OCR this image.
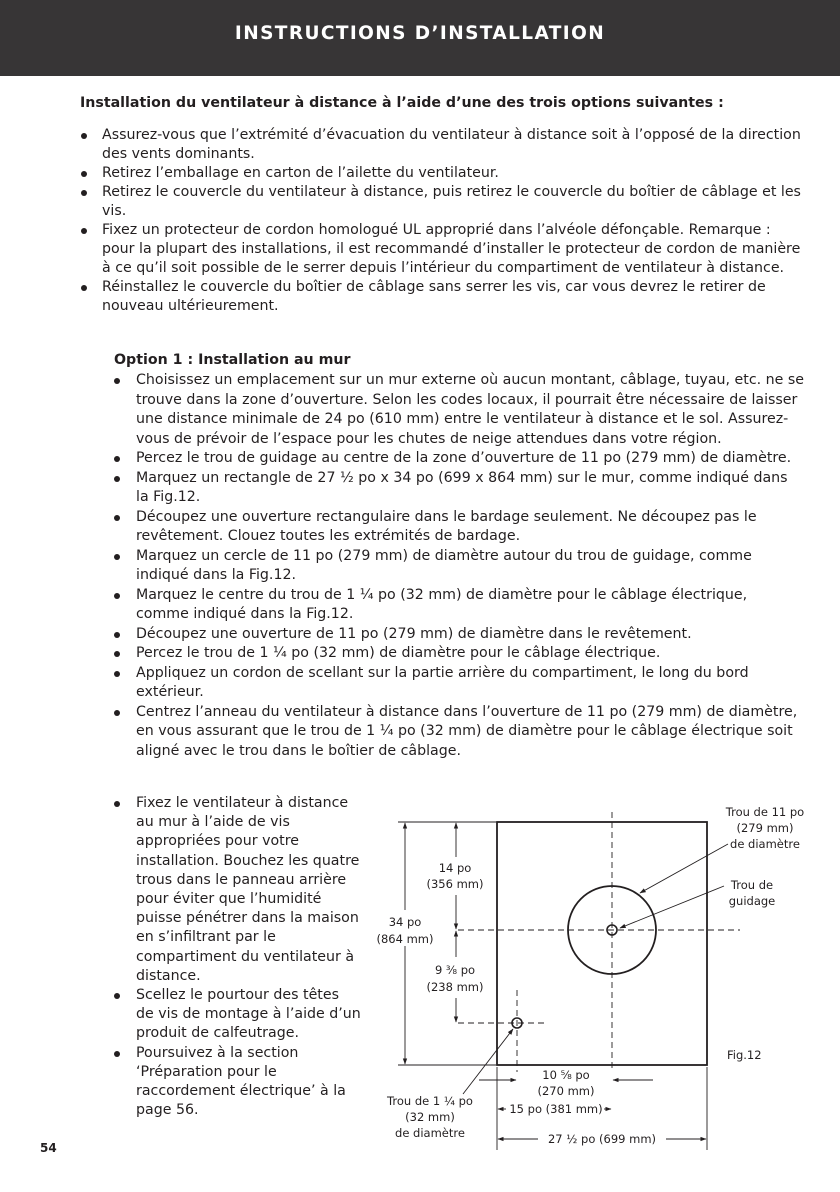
INSTRUCTIONS D’INSTALLATION
Installation du ventilateur à distance à l’aide d’une des trois options suivantes :
Assurez-vous que l’extrémité d’évacuation du ventilateur à distance soit à l’opposé de la direction des vents dominants.
Retirez l’emballage en carton de l’ailette du ventilateur.
Retirez le couvercle du ventilateur à distance, puis retirez le couvercle du boîtier de câblage et les vis.
Fixez un protecteur de cordon homologué UL approprié dans l’alvéole défonçable. Remarque : pour la plupart des installations, il est recommandé d’installer le protecteur de cordon de manière à ce qu’il soit possible de le serrer depuis l’intérieur du compartiment de ventilateur à distance.
Réinstallez le couvercle du boîtier de câblage sans serrer les vis, car vous devrez le retirer de nouveau ultérieurement.
Option 1 : Installation au mur
Choisissez un emplacement sur un mur externe où aucun montant, câblage, tuyau, etc. ne se trouve dans la zone d’ouverture. Selon les codes locaux, il pourrait être nécessaire de laisser une distance minimale de 24 po (610 mm) entre le ventilateur à distance et le sol. Assurez-vous de prévoir de l’espace pour les chutes de neige attendues dans votre région.
Percez le trou de guidage au centre de la zone d’ouverture de 11 po (279 mm) de diamètre.
Marquez un rectangle de 27 ½ po x 34 po (699 x 864 mm) sur le mur, comme indiqué dans la Fig.12.
Découpez une ouverture rectangulaire dans le bardage seulement. Ne découpez pas le revêtement. Clouez toutes les extrémités de bardage.
Marquez un cercle de 11 po (279 mm) de diamètre autour du trou de guidage, comme indiqué dans la Fig.12.
Marquez le centre du trou de 1 ¼ po (32 mm) de diamètre pour le câblage électrique, comme indiqué dans la Fig.12.
Découpez une ouverture de 11 po (279 mm) de diamètre dans le revêtement.
Percez le trou de 1 ¼ po (32 mm) de diamètre pour le câblage électrique.
Appliquez un cordon de scellant sur la partie arrière du compartiment, le long du bord extérieur.
Centrez l’anneau du ventilateur à distance dans l’ouverture de 11 po (279 mm) de diamètre, en vous assurant que le trou de 1 ¼ po (32 mm) de diamètre pour le câblage électrique soit aligné avec le trou dans le boîtier de câblage.
Fixez le ventilateur à distance au mur à l’aide de vis appropriées pour votre installation. Bouchez les quatre trous dans le panneau arrière pour éviter que l’humidité puisse pénétrer dans la maison en s’infiltrant par le compartiment du ventilateur à distance.
Scellez le pourtour des têtes de vis de montage à l’aide d’un produit de calfeutrage.
Poursuivez à la section ‘Préparation pour le raccordement électrique’ à la page 56.
14 po
(356 mm)
34 po
(864 mm)
9 ⅜ po
(238 mm)
10 ⅝ po
(270 mm)
15 po (381 mm)
27 ½ po (699 mm)
Trou de 11 po
(279 mm)
de diamètre
Trou de
guidage
Trou de 1 ¼ po
(32 mm)
de diamètre
Fig.12
54
